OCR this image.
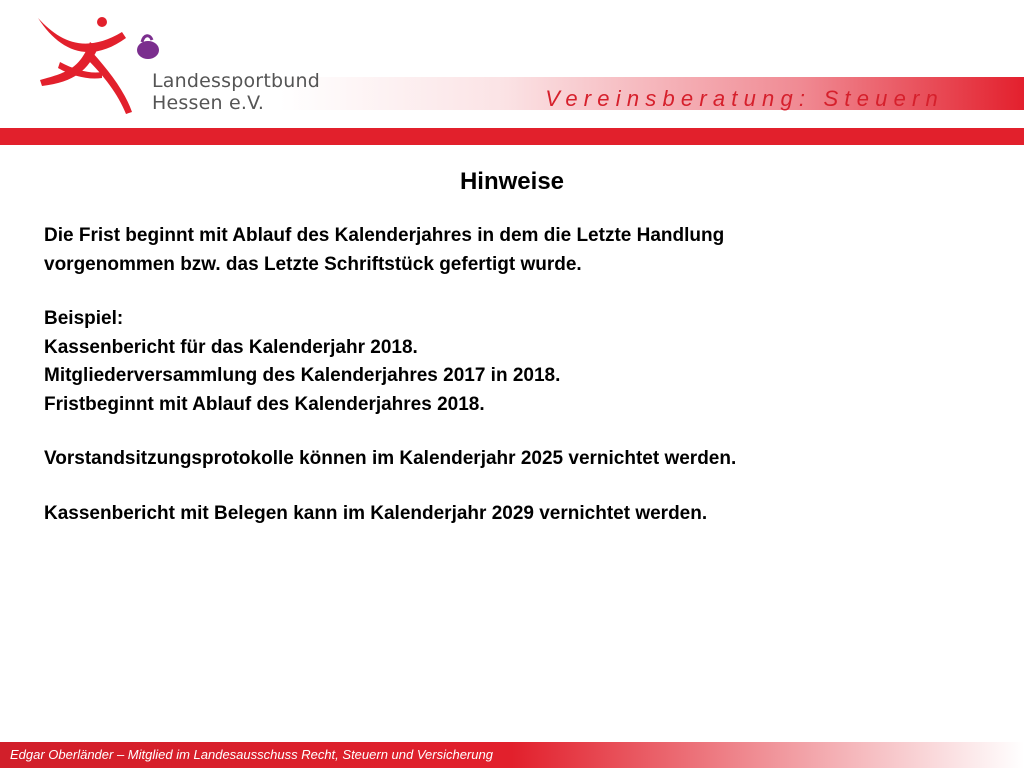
Landessportbund
Hessen e.V.	Vereinsberatung: Steuern
Hinweise
Die Frist beginnt mit Ablauf des Kalenderjahres in dem die Letzte Handlung
vorgenommen bzw. das Letzte Schriftstück gefertigt wurde.
Beispiel:
Kassenbericht für das Kalenderjahr 2018.
Mitgliederversammlung des Kalenderjahres 2017 in 2018.
Fristbeginnt mit Ablauf des Kalenderjahres 2018.
Vorstandsitzungsprotokolle können im Kalenderjahr 2025 vernichtet werden.
Kassenbericht mit Belegen kann im Kalenderjahr 2029 vernichtet werden.
Edgar Oberländer – Mitglied im Landesausschuss Recht, Steuern und Versicherung
